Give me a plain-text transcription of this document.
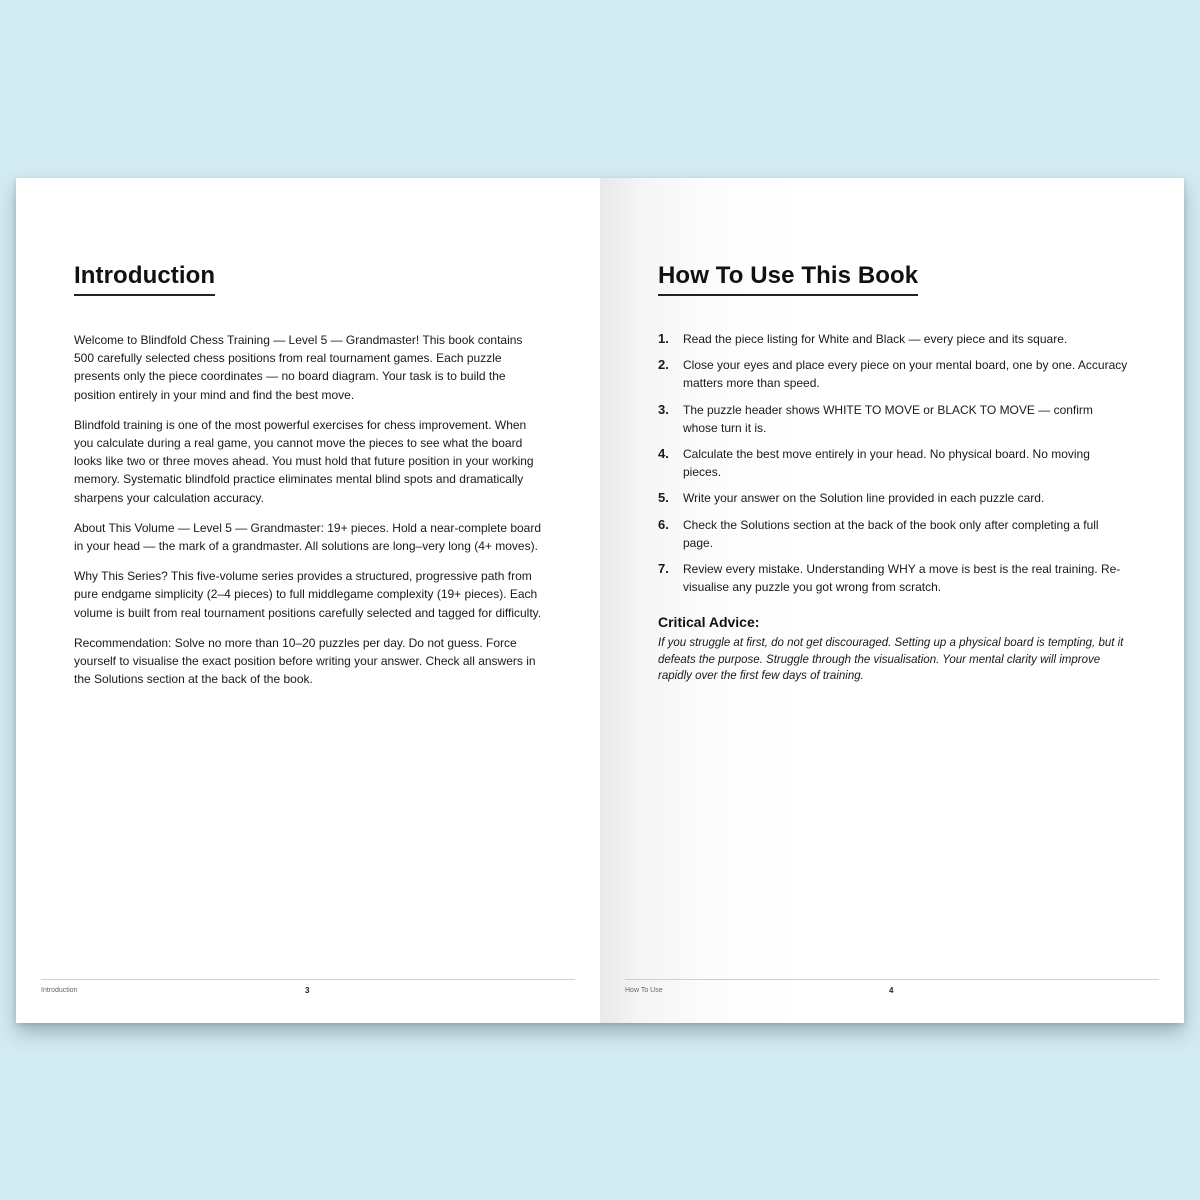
Introduction

Welcome to Blindfold Chess Training — Level 5 — Grandmaster! This book contains 500 carefully selected chess positions from real tournament games. Each puzzle presents only the piece coordinates — no board diagram. Your task is to build the position entirely in your mind and find the best move.

Blindfold training is one of the most powerful exercises for chess improvement. When you calculate during a real game, you cannot move the pieces to see what the board looks like two or three moves ahead. You must hold that future position in your working memory. Systematic blindfold practice eliminates mental blind spots and dramatically sharpens your calculation accuracy.

About This Volume — Level 5 — Grandmaster: 19+ pieces. Hold a near-complete board in your head — the mark of a grandmaster. All solutions are long–very long (4+ moves).

Why This Series? This five-volume series provides a structured, progressive path from pure endgame simplicity (2–4 pieces) to full middlegame complexity (19+ pieces). Each volume is built from real tournament positions carefully selected and tagged for difficulty.

Recommendation: Solve no more than 10–20 puzzles per day. Do not guess. Force yourself to visualise the exact position before writing your answer. Check all answers in the Solutions section at the back of the book.

Introduction	3
How To Use This Book
1.	Read the piece listing for White and Black — every piece and its square.
2.	Close your eyes and place every piece on your mental board, one by one. Accuracy matters more than speed.
3.	The puzzle header shows WHITE TO MOVE or BLACK TO MOVE — confirm whose turn it is.
4.	Calculate the best move entirely in your head. No physical board. No moving pieces.
5.	Write your answer on the Solution line provided in each puzzle card.
6.	Check the Solutions section at the back of the book only after completing a full page.
7.	Review every mistake. Understanding WHY a move is best is the real training. Re-visualise any puzzle you got wrong from scratch.
Critical Advice:

If you struggle at first, do not get discouraged. Setting up a physical board is tempting, but it defeats the purpose. Struggle through the visualisation. Your mental clarity will improve rapidly over the first few days of training.

How To Use	4
